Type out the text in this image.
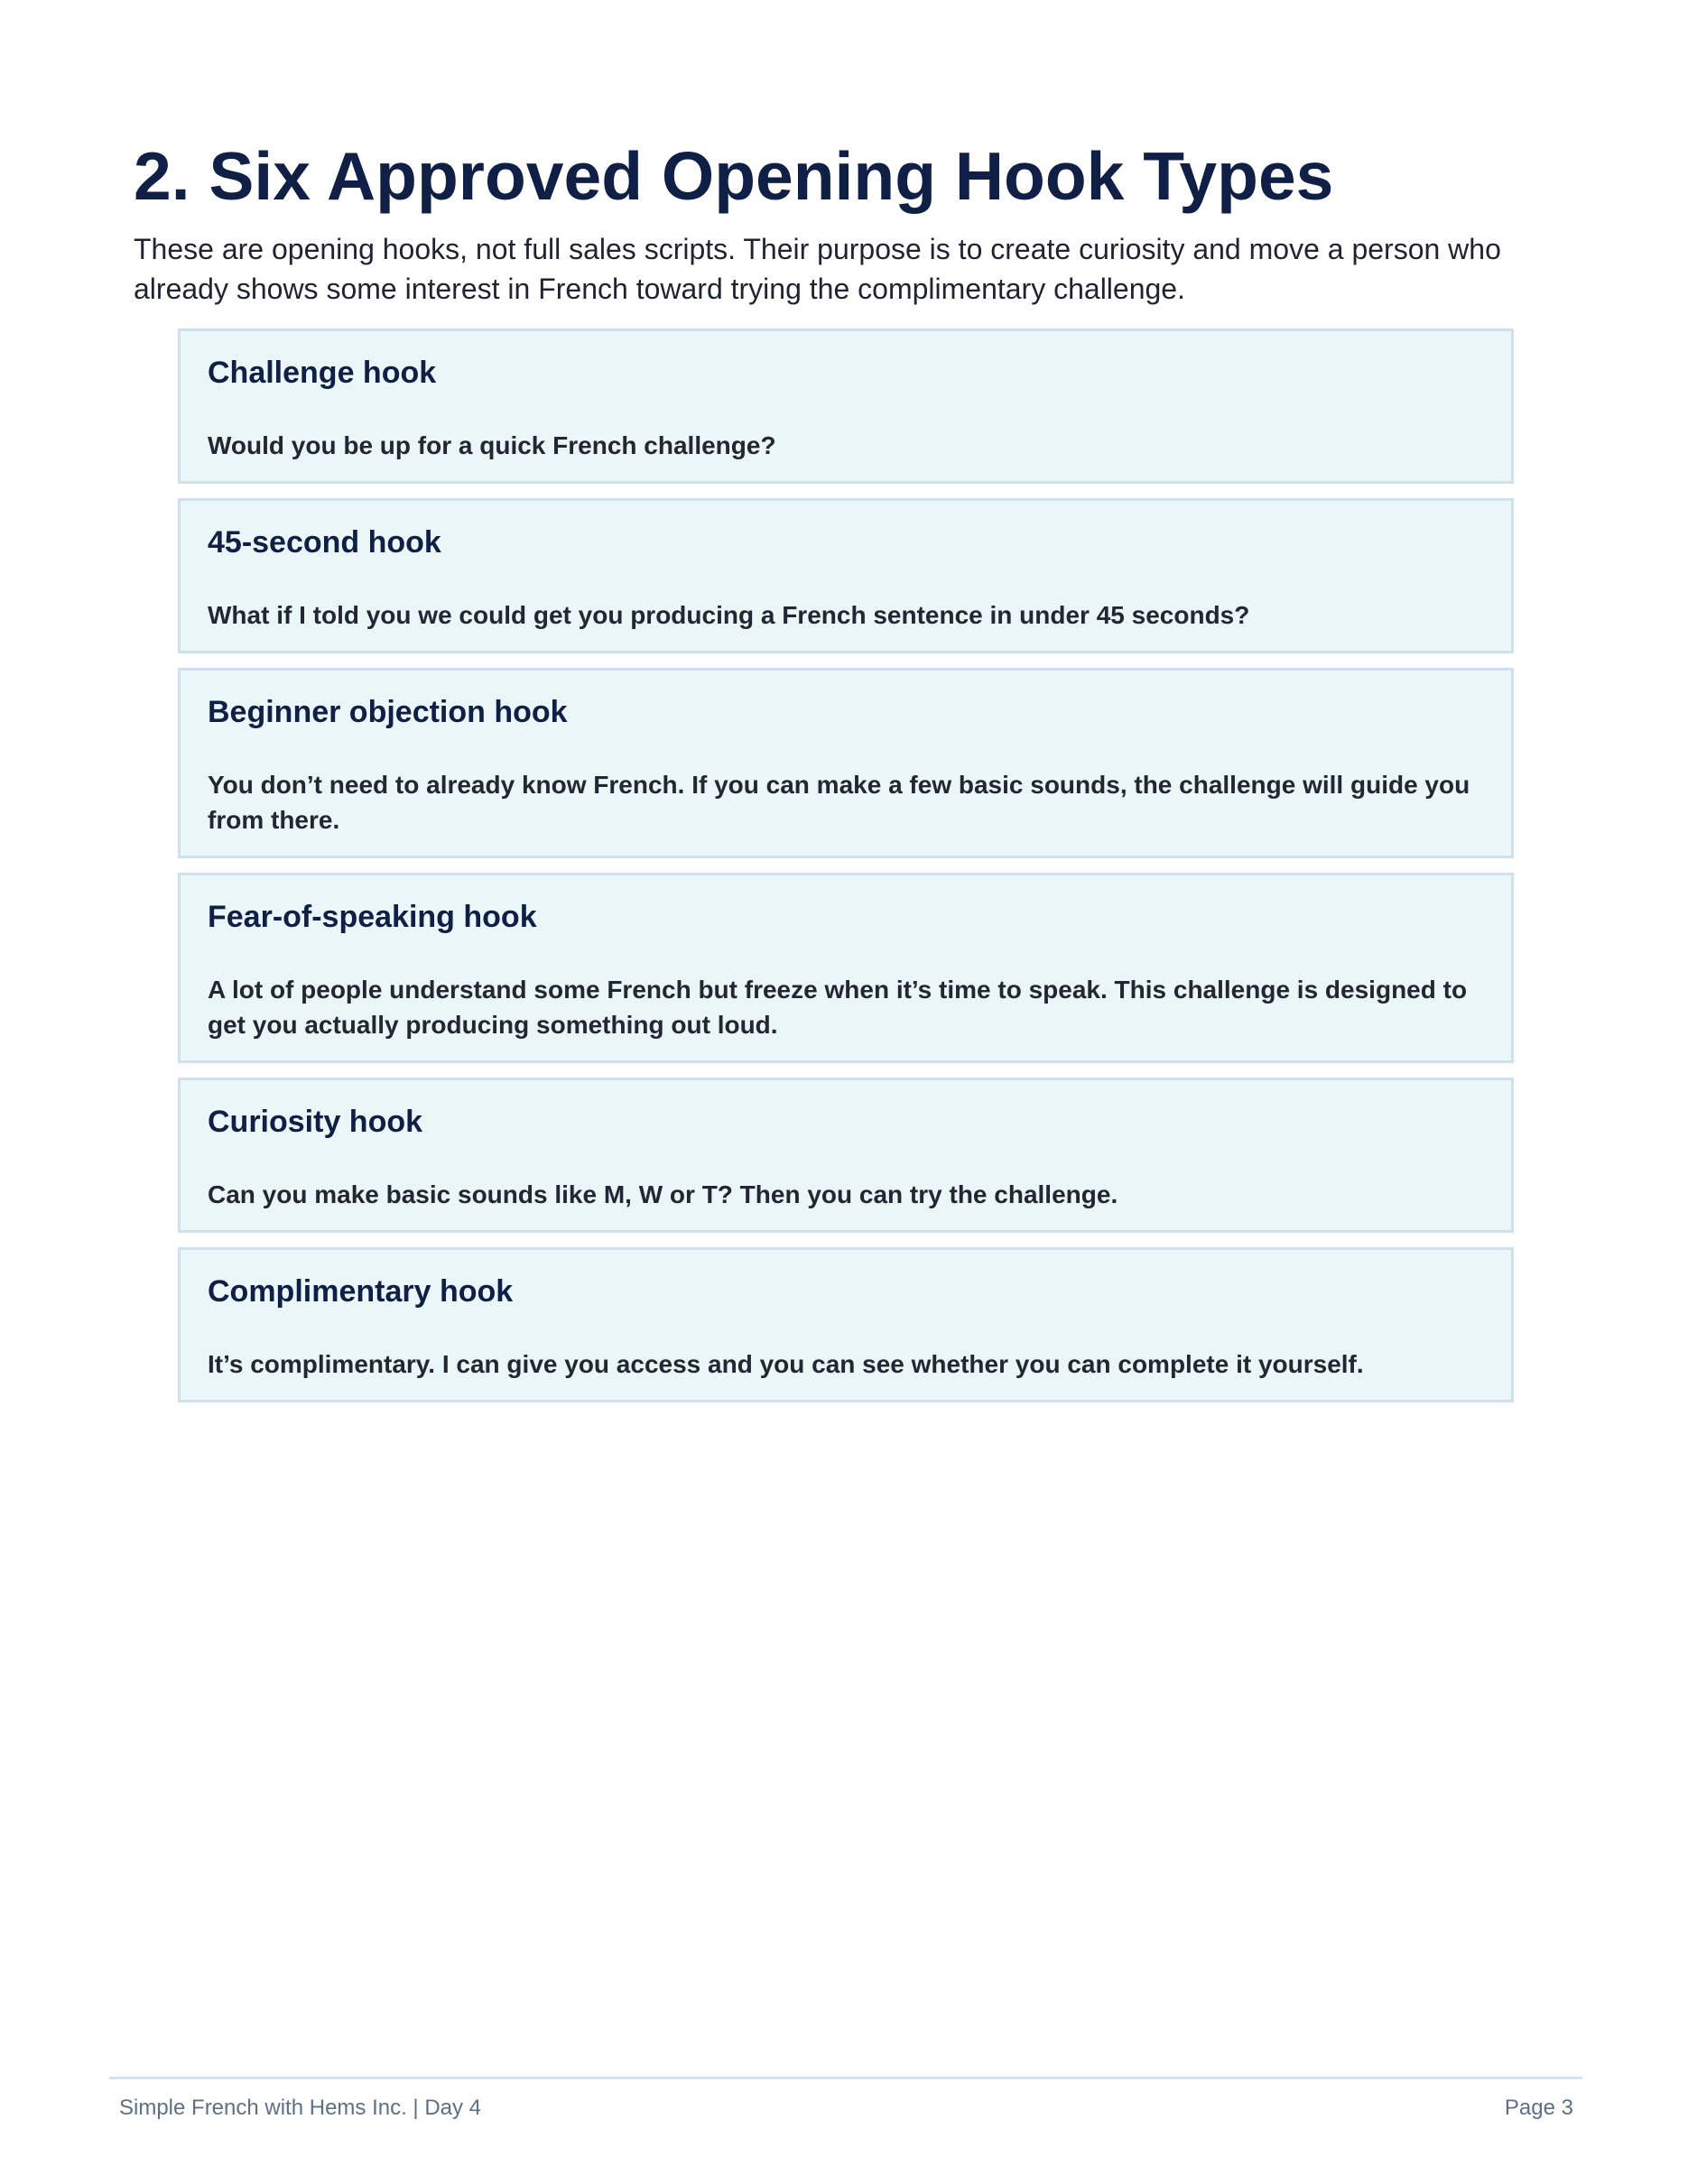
2. Six Approved Opening Hook Types

These are opening hooks, not full sales scripts. Their purpose is to create curiosity and move a person who already shows some interest in French toward trying the complimentary challenge.

Challenge hook

Would you be up for a quick French challenge?

45-second hook

What if I told you we could get you producing a French sentence in under 45 seconds?

Beginner objection hook

You don’t need to already know French. If you can make a few basic sounds, the challenge will guide you from there.

Fear-of-speaking hook

A lot of people understand some French but freeze when it’s time to speak. This challenge is designed to get you actually producing something out loud.

Curiosity hook

Can you make basic sounds like M, W or T? Then you can try the challenge.

Complimentary hook

It’s complimentary. I can give you access and you can see whether you can complete it yourself.

Simple French with Hems Inc. | Day 4	Page 3
